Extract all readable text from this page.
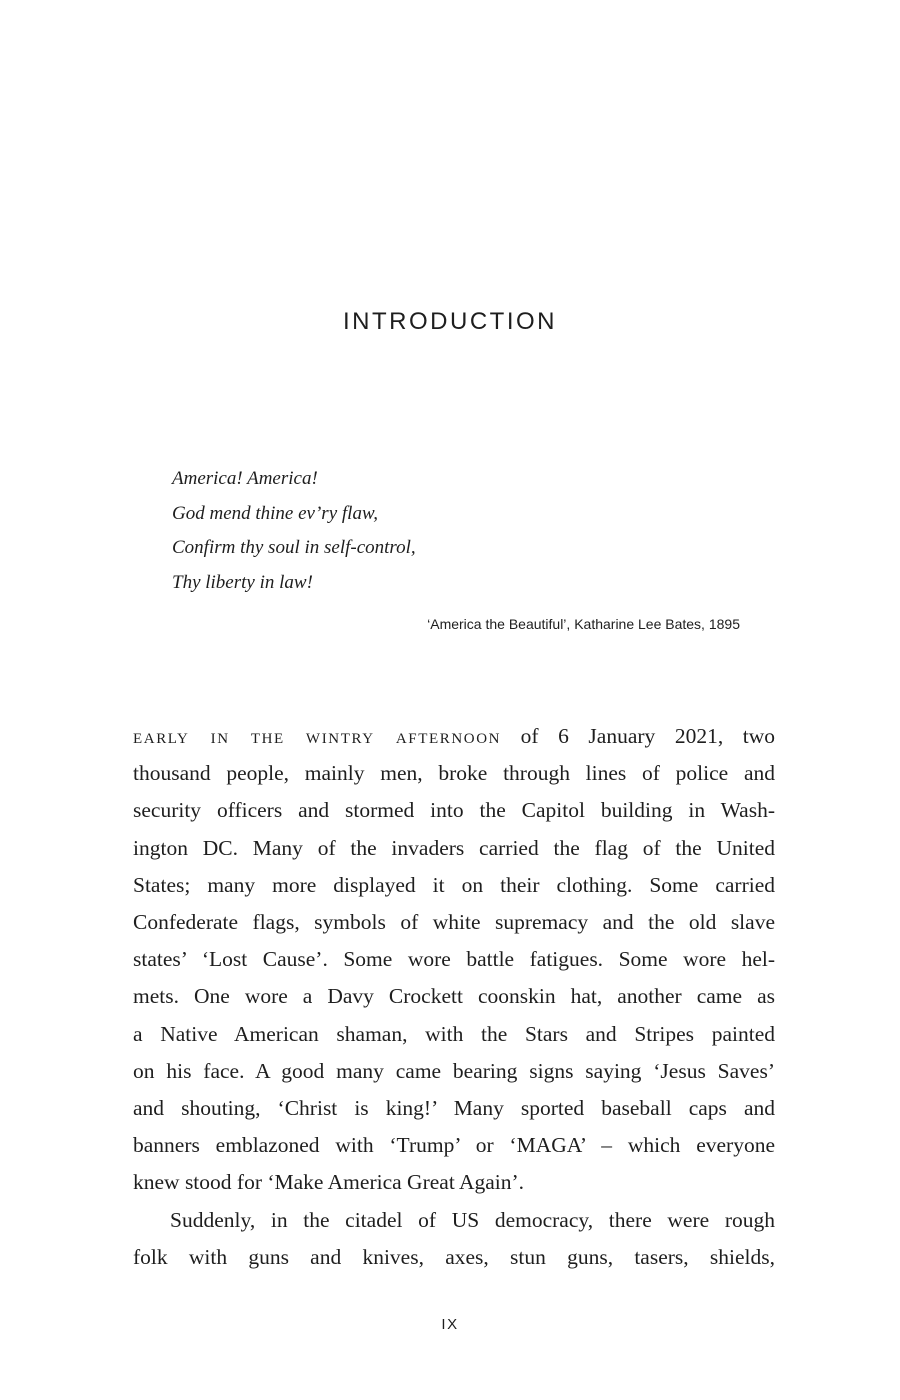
INTRODUCTION
America! America!
God mend thine ev’ry flaw,
Confirm thy soul in self-control,
Thy liberty in law!
‘America the Beautiful’, Katharine Lee Bates, 1895
early in the wintry afternoon of 6 January 2021, two
thousand people, mainly men, broke through lines of police and
security officers and stormed into the Capitol building in Wash-
ington DC. Many of the invaders carried the flag of the United
States; many more displayed it on their clothing. Some carried
Confederate flags, symbols of white supremacy and the old slave
states’ ‘Lost Cause’. Some wore battle fatigues. Some wore hel-
mets. One wore a Davy Crockett coonskin hat, another came as
a Native American shaman, with the Stars and Stripes painted
on his face. A good many came bearing signs saying ‘Jesus Saves’
and shouting, ‘Christ is king!’ Many sported baseball caps and
banners emblazoned with ‘Trump’ or ‘MAGA’ – which everyone
knew stood for ‘Make America Great Again’.
Suddenly, in the citadel of US democracy, there were rough
folk with guns and knives, axes, stun guns, tasers, shields,
IX
